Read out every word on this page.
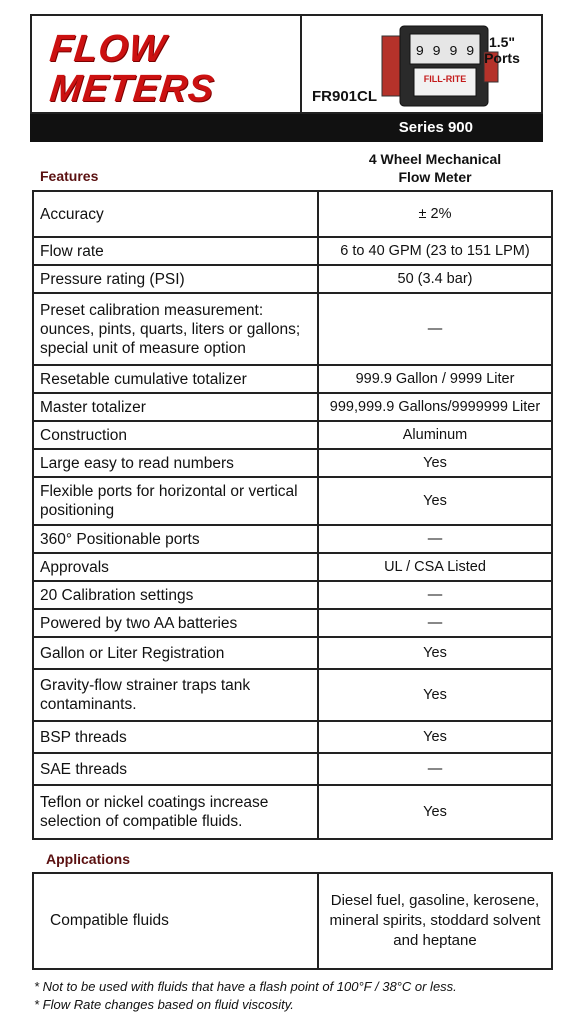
FLOW
METERS
9 9 9 9
FILL-RITE
1.5"
Ports
FR901CL
Series 900
Features
4 Wheel Mechanical
Flow Meter
Accuracy	± 2%
Flow rate	6 to 40 GPM (23 to 151 LPM)
Pressure rating (PSI)	50 (3.4 bar)
Preset calibration measurement: ounces, pints, quarts, liters or gallons; special unit of measure option	—
Resetable cumulative totalizer	999.9 Gallon / 9999 Liter
Master totalizer	999,999.9 Gallons/9999999 Liter
Construction	Aluminum
Large easy to read numbers	Yes
Flexible ports for horizontal or vertical positioning	Yes
360° Positionable ports	—
Approvals	UL / CSA Listed
20 Calibration settings	—
Powered by two AA batteries	—
Gallon or Liter Registration	Yes
Gravity-flow strainer traps tank contaminants.	Yes
BSP threads	Yes
SAE threads	—
Teflon or nickel coatings increase selection of compatible fluids.	Yes
Applications
Compatible fluids	Diesel fuel, gasoline, kerosene, mineral spirits, stoddard solvent and heptane
* Not to be used with fluids that have a flash point of 100°F / 38°C or less.
* Flow Rate changes based on fluid viscosity.
